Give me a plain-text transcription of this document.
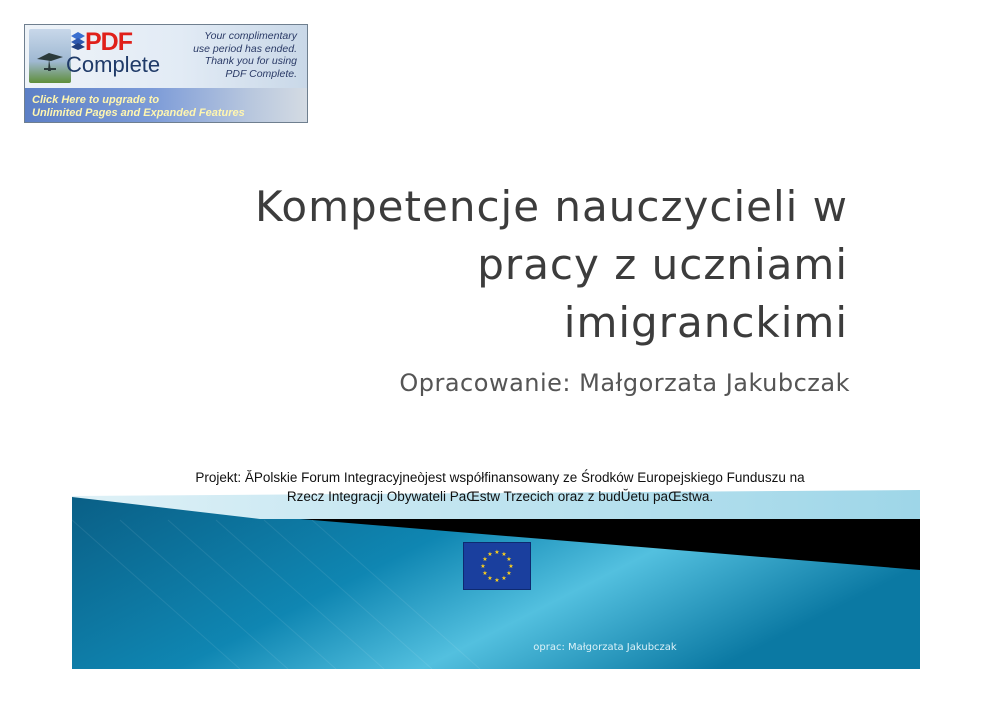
PDF
Complete
Your complimentary
use period has ended.
Thank you for using
PDF Complete.
Click Here to upgrade to
Unlimited Pages and Expanded Features
Kompetencje nauczycieli w
pracy z uczniami
imigranckimi
Opracowanie: Małgorzata Jakubczak
Projekt: ĂPolskie Forum Integracyjneòjest współfinansowany ze Środków Europejskiego Funduszu na
Rzecz Integracji Obywateli PaŒstw Trzecich oraz z budŬetu paŒstwa.
★ ★
★
★
★
★
★
★
★
★
★
★
oprac: Małgorzata Jakubczak
